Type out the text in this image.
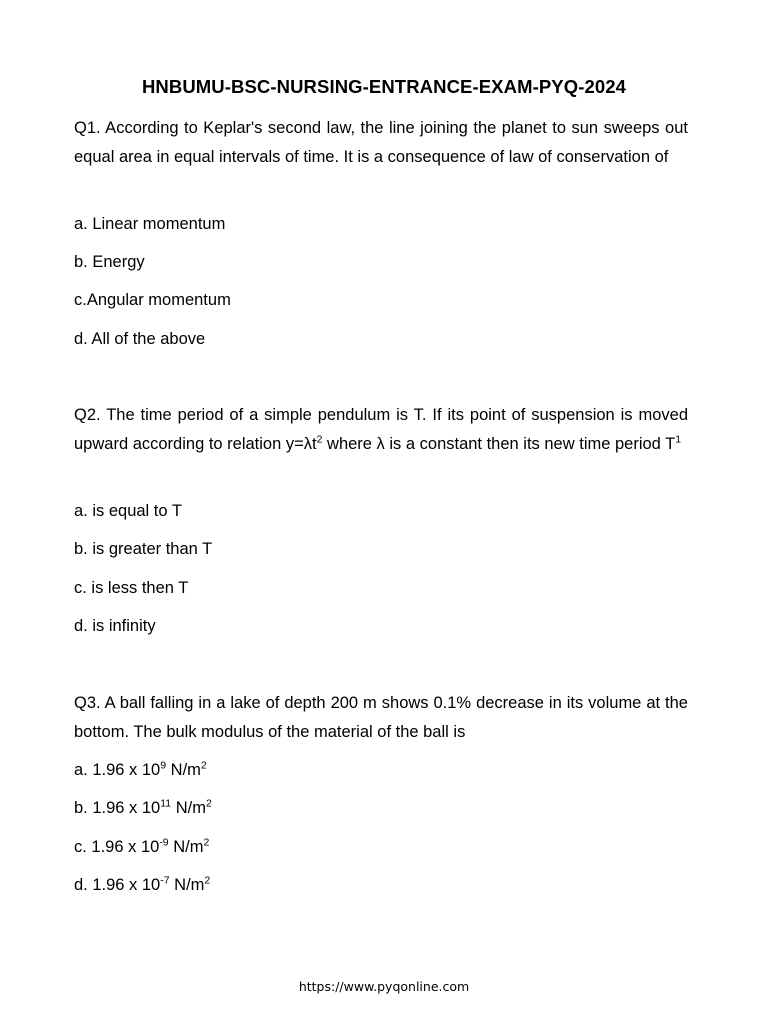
HNBUMU-BSC-NURSING-ENTRANCE-EXAM-PYQ-2024
Q1. According to Keplar's second law, the line joining the planet to sun sweeps out equal area in equal intervals of time. It is a consequence of law of conservation of
a. Linear momentum
b. Energy
c.Angular momentum
d. All of the above
Q2. The time period of a simple pendulum is T. If its point of suspension is moved upward according to relation $y=\lambda t^2$ where λ is a constant then its new time period $T^1$
a. is equal to T
b. is greater than T
c. is less then T
d. is infinity
Q3. A ball falling in a lake of depth 200 m shows 0.1% decrease in its volume at the bottom. The bulk modulus of the material of the ball is
a. 1.96 x $10^9$ $N/m^2$
b. 1.96 x $10^{11}$ $N/m^2$
c. 1.96 x $10^{-9}$ $N/m^2$
d. 1.96 x $10^{-7}$ $N/m^2$
https://www.pyqonline.com
